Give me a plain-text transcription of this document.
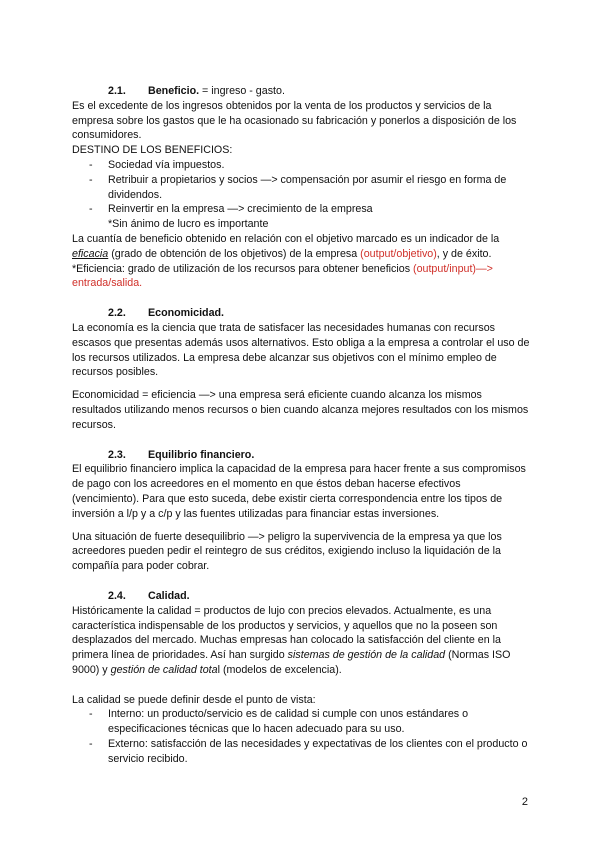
2.1. Beneficio. = ingreso - gasto.

Es el excedente de los ingresos obtenidos por la venta de los productos y servicios de la empresa sobre los gastos que le ha ocasionado su fabricación y ponerlos a disposición de los consumidores.

DESTINO DE LOS BENEFICIOS:

- Sociedad vía impuestos.
- Retribuir a propietarios y socios —> compensación por asumir el riesgo en forma de dividendos.
- Reinvertir en la empresa —> crecimiento de la empresa

*Sin ánimo de lucro es importante

La cuantía de beneficio obtenido en relación con el objetivo marcado es un indicador de la eficacia (grado de obtención de los objetivos) de la empresa (output/objetivo), y de éxito.

*Eficiencia: grado de utilización de los recursos para obtener beneficios (output/input)—> entrada/salida.

2.2. Economicidad.

La economía es la ciencia que trata de satisfacer las necesidades humanas con recursos escasos que presentas además usos alternativos. Esto obliga a la empresa a controlar el uso de los recursos utilizados. La empresa debe alcanzar sus objetivos con el mínimo empleo de recursos posibles.

Economicidad = eficiencia —> una empresa será eficiente cuando alcanza los mismos resultados utilizando menos recursos o bien cuando alcanza mejores resultados con los mismos recursos.

2.3. Equilibrio financiero.

El equilibrio financiero implica la capacidad de la empresa para hacer frente a sus compromisos de pago con los acreedores en el momento en que éstos deban hacerse efectivos (vencimiento). Para que esto suceda, debe existir cierta correspondencia entre los tipos de inversión a l/p y a c/p y las fuentes utilizadas para financiar estas inversiones.

Una situación de fuerte desequilibrio —> peligro la supervivencia de la empresa ya que los acreedores pueden pedir el reintegro de sus créditos, exigiendo incluso la liquidación de la compañía para poder cobrar.

2.4. Calidad.

Históricamente la calidad = productos de lujo con precios elevados. Actualmente, es una característica indispensable de los productos y servicios, y aquellos que no la poseen son desplazados del mercado. Muchas empresas han colocado la satisfacción del cliente en la primera línea de prioridades. Así han surgido sistemas de gestión de la calidad (Normas ISO 9000) y gestión de calidad total (modelos de excelencia).

La calidad se puede definir desde el punto de vista:

- Interno: un producto/servicio es de calidad si cumple con unos estándares o especificaciones técnicas que lo hacen adecuado para su uso.
- Externo: satisfacción de las necesidades y expectativas de los clientes con el producto o servicio recibido.
2
